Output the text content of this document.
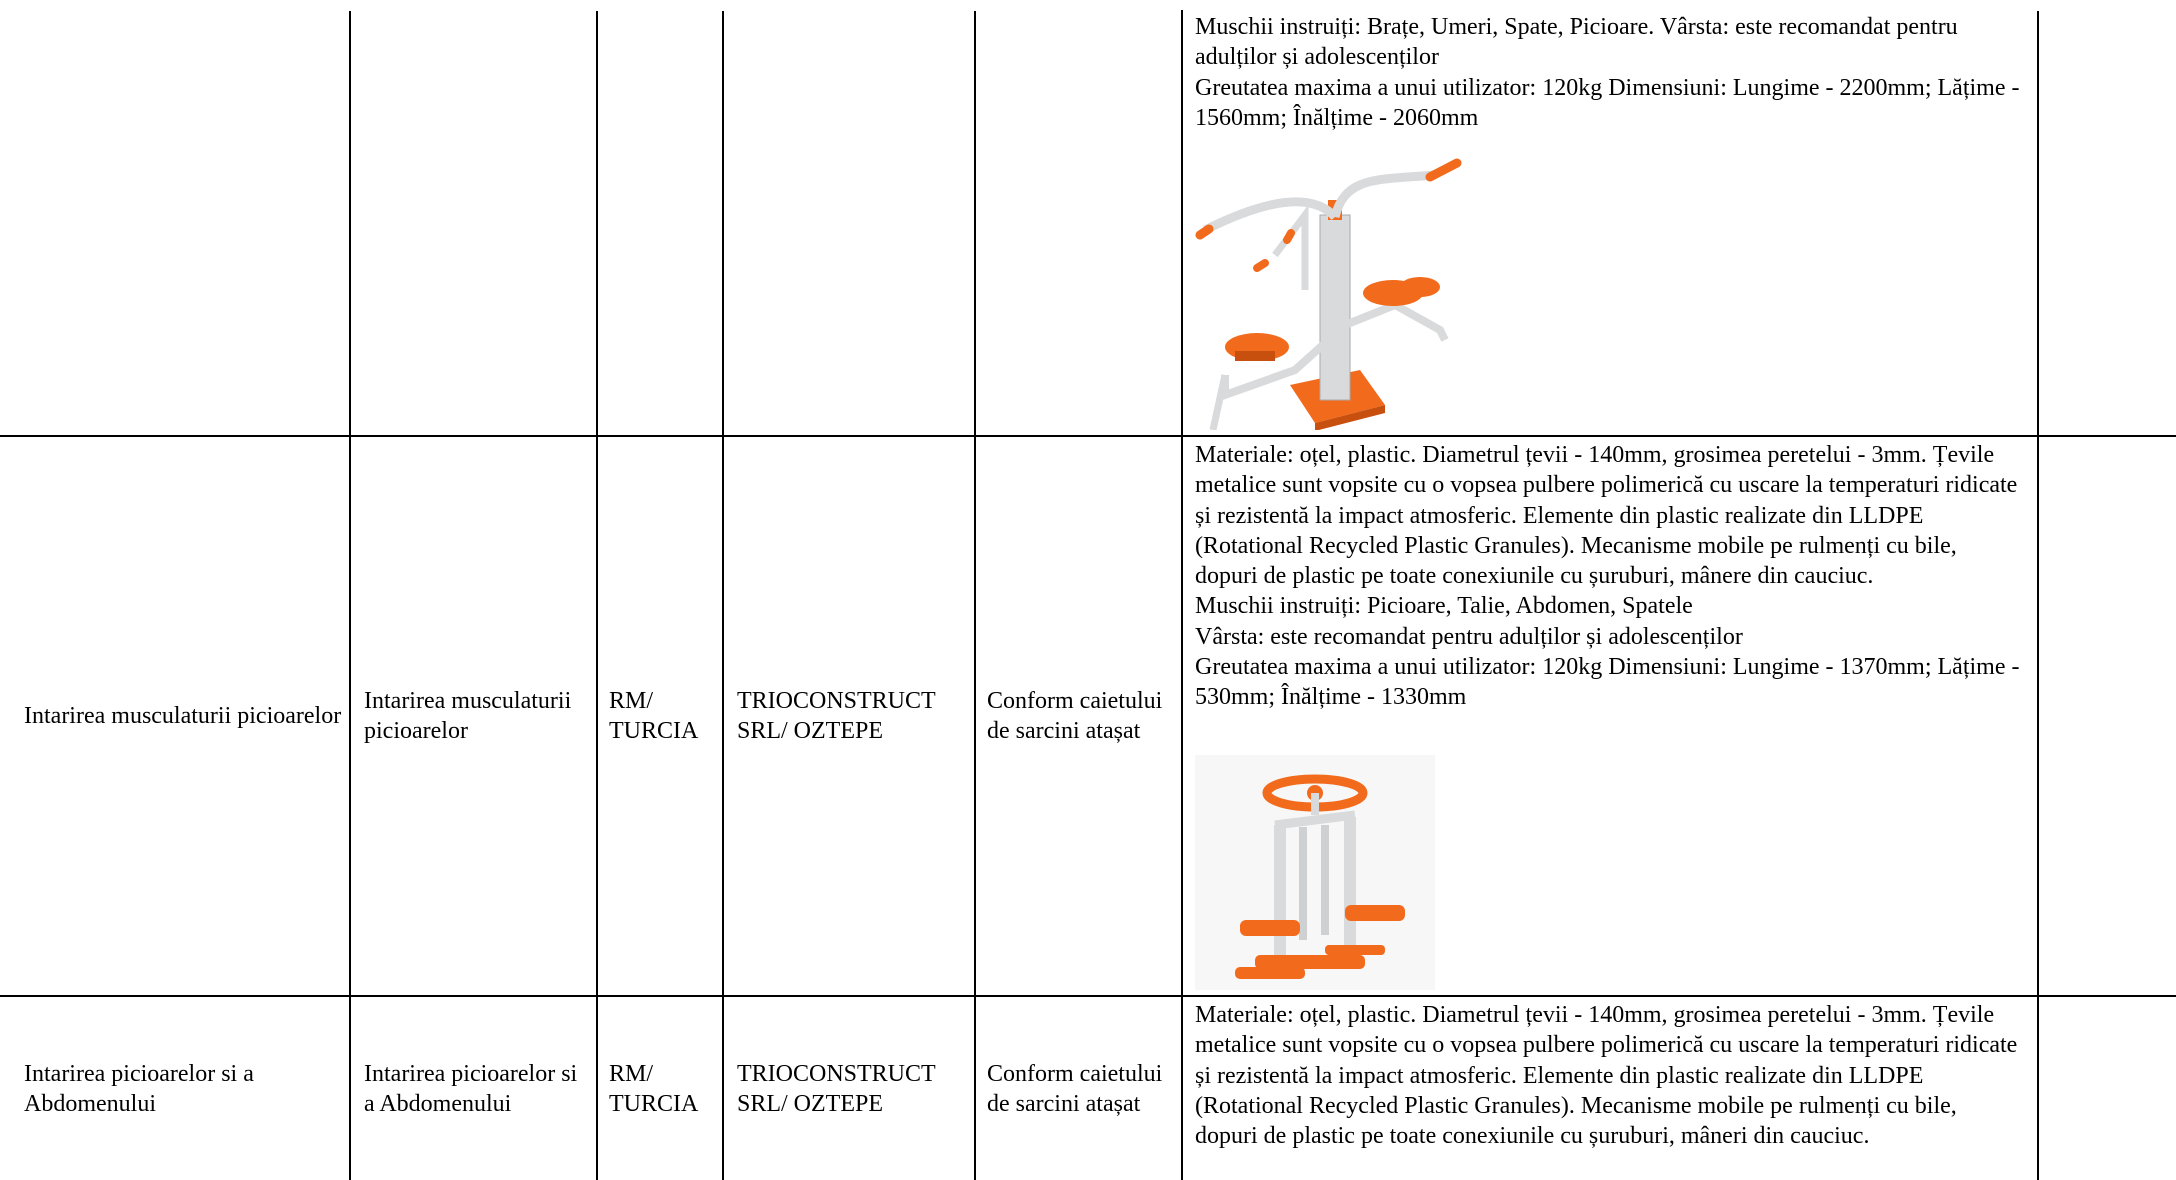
Muschii instruiți: Brațe, Umeri, Spate, Picioare. Vârsta: este recomandat pentru adulților și adolescenților

Greutatea maxima a unui utilizator: 120kg Dimensiuni: Lungime - 2200mm; Lățime - 1560mm; Înălțime - 2060mm

Intarirea musculaturii picioarelor
Intarirea musculaturii picioarelor
RM/ TURCIA
TRIOCONSTRUCT SRL/ OZTEPE
Conform caietului de sarcini atașat

Materiale: oțel, plastic. Diametrul țevii - 140mm, grosimea peretelui - 3mm. Țevile metalice sunt vopsite cu o vopsea pulbere polimerică cu uscare la temperaturi ridicate și rezistentă la impact atmosferic. Elemente din plastic realizate din LLDPE (Rotational Recycled Plastic Granules). Mecanisme mobile pe rulmenți cu bile, dopuri de plastic pe toate conexiunile cu șuruburi, mânere din cauciuc.

Muschii instruiți: Picioare, Talie, Abdomen, Spatele

Vârsta: este recomandat pentru adulților și adolescenților

Greutatea maxima a unui utilizator: 120kg Dimensiuni: Lungime - 1370mm; Lățime - 530mm; Înălțime - 1330mm

Intarirea picioarelor si a Abdomenului
Intarirea picioarelor si a Abdomenului
RM/ TURCIA
TRIOCONSTRUCT SRL/ OZTEPE
Conform caietului de sarcini atașat

Materiale: oțel, plastic. Diametrul țevii - 140mm, grosimea peretelui - 3mm. Țevile metalice sunt vopsite cu o vopsea pulbere polimerică cu uscare la temperaturi ridicate și rezistentă la impact atmosferic. Elemente din plastic realizate din LLDPE (Rotational Recycled Plastic Granules). Mecanisme mobile pe rulmenți cu bile, dopuri de plastic pe toate conexiunile cu șuruburi, mâneri din cauciuc.
